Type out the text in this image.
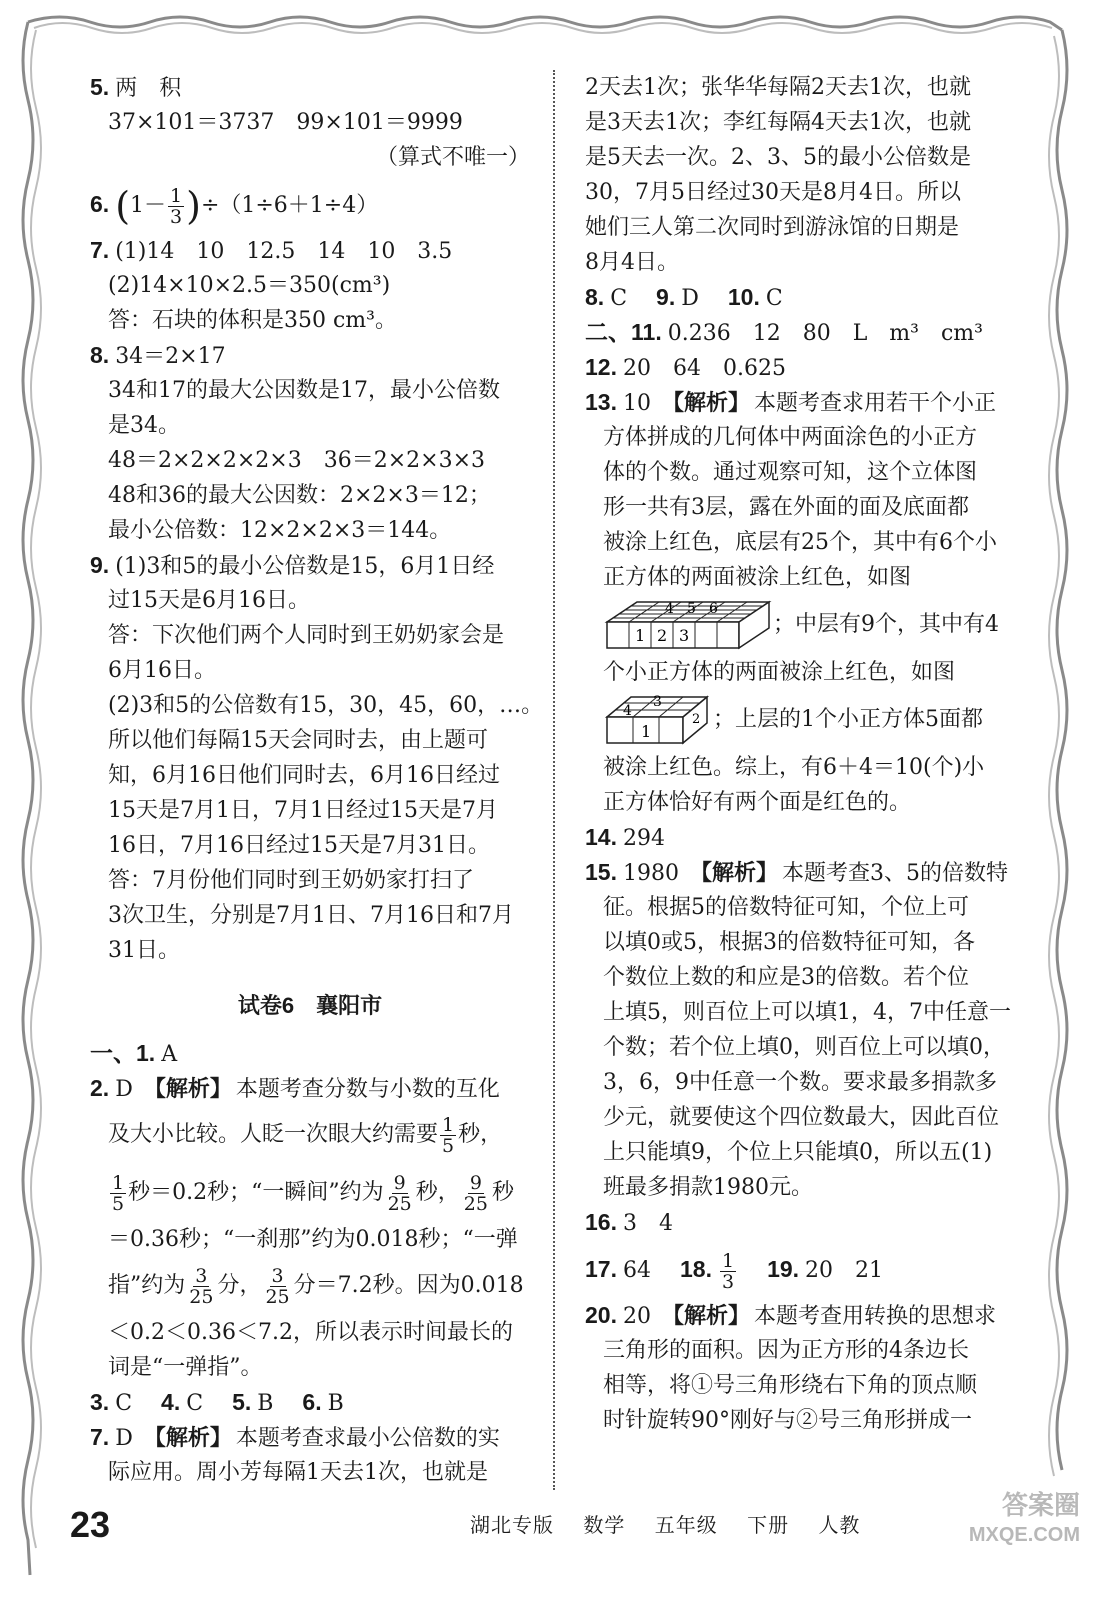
5. 两　积
37×101＝3737　99×101＝9999
（算式不唯一）
6. $(1- \frac{1}{3} )\div(1\div 6+1\div 4)$
7. (1)14　10　12.5　14　10　3.5
(2)14×10×2.5＝350(cm³)
答：石块的体积是350 cm³。
8. 34＝2×17
34和17的最大公因数是17，最小公倍数
是34。
48＝2×2×2×2×3　36＝2×2×3×3
48和36的最大公因数：2×2×3＝12；
最小公倍数：12×2×2×3＝144。
9. (1)3和5的最小公倍数是15，6月1日经
过15天是6月16日。
答：下次他们两个人同时到王奶奶家会是
6月16日。
(2)3和5的公倍数有15，30，45，60，…。
所以他们每隔15天会同时去，由上题可
知，6月16日他们同时去，6月16日经过
15天是7月1日，7月1日经过15天是7月
16日，7月16日经过15天是7月31日。
答：7月份他们同时到王奶奶家打扫了
3次卫生，分别是7月1日、7月16日和7月
31日。
试卷6　襄阳市
一、1. A
2. D 【解析】 本题考查分数与小数的互化
及大小比较。人眨一次眼大约需要 $\frac{1}{5}$ 秒，
$\frac{1}{5}$ 秒＝0.2秒；“一瞬间”约为 $\frac{9}{25}$ 秒， $\frac{9}{25}$ 秒
＝0.36秒；“一刹那”约为0.018秒；“一弹
指”约为 $\frac{3}{25}$ 分， $\frac{3}{25}$ 分＝7.2秒。因为0.018
＜0.2＜0.36＜7.2，所以表示时间最长的
词是“一弹指”。
3. C 4. C 5. B 6. B
7. D 【解析】 本题考查求最小公倍数的实
际应用。周小芳每隔1天去1次，也就是
2天去1次；张华华每隔2天去1次，也就
是3天去1次；李红每隔4天去1次，也就
是5天去一次。2、3、5的最小公倍数是
30，7月5日经过30天是8月4日。所以
她们三人第二次同时到游泳馆的日期是
8月4日。
8. C 9. D 10. C
二、11. 0.236　12　80　L　m³　cm³
12. 20　64　0.625
13. 10 【解析】 本题考查求用若干个小正
方体拼成的几何体中两面涂色的小正方
体的个数。通过观察可知，这个立体图
形一共有3层，露在外面的面及底面都
被涂上红色，底层有25个，其中有6个小
正方体的两面被涂上红色，如图
4 5 6
1 2 3	；中层有9个，其中有4
个小正方体的两面被涂上红色，如图
3
4
1
2 ；上层的1个小正方体5面都
被涂上红色。综上，有6＋4＝10(个)小
正方体恰好有两个面是红色的。
14. 294
15. 1980 【解析】 本题考查3、5的倍数特
征。根据5的倍数特征可知，个位上可
以填0或5，根据3的倍数特征可知，各
个数位上数的和应是3的倍数。若个位
上填5，则百位上可以填1，4，7中任意一
个数；若个位上填0，则百位上可以填0，
3，6，9中任意一个数。要求最多捐款多
少元，就要使这个四位数最大，因此百位
上只能填9，个位上只能填0，所以五(1)
班最多捐款1980元。
16. 3　4
17. 64 18. $\frac{1}{3} 19$. 20　21
20. 20 【解析】 本题考查用转换的思想求
三角形的面积。因为正方形的4条边长
相等，将①号三角形绕右下角的顶点顺
时针旋转90°刚好与②号三角形拼成一
23	湖北专版 数学 五年级 下册 人教
答案圈
MXQE.COM
